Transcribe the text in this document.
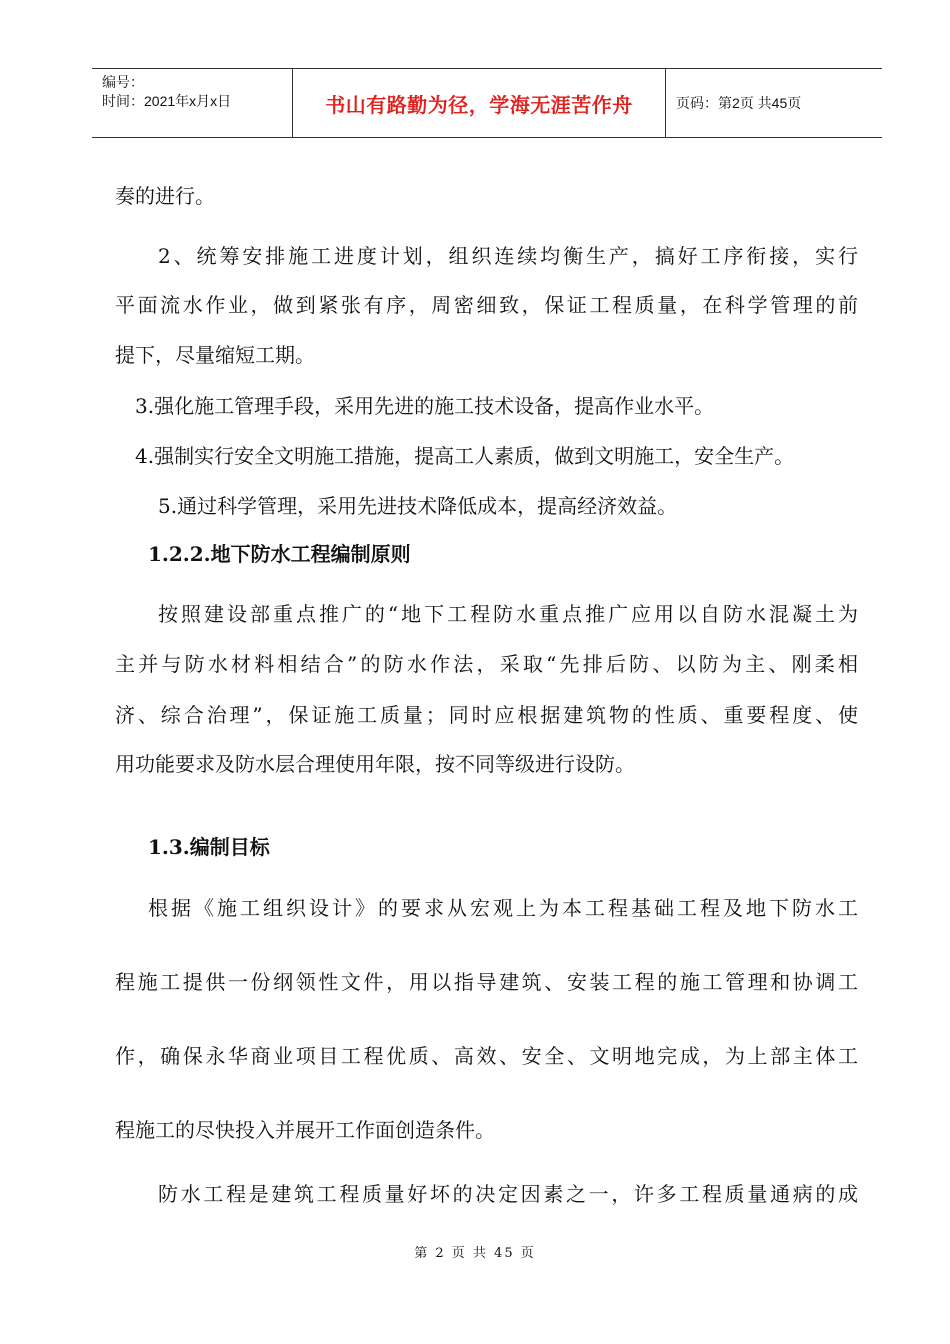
编号：
时间：2021年x月x日	书山有路勤为径，学海无涯苦作舟	页码：第2页 共45页
奏的进行。
2、统筹安排施工进度计划，组织连续均衡生产，搞好工序衔接，实行
平面流水作业，做到紧张有序，周密细致，保证工程质量，在科学管理的前
提下，尽量缩短工期。
3.强化施工管理手段，采用先进的施工技术设备，提高作业水平。
4.强制实行安全文明施工措施，提高工人素质，做到文明施工，安全生产。
5.通过科学管理，采用先进技术降低成本，提高经济效益。
1.2.2.地下防水工程编制原则
按照建设部重点推广的“地下工程防水重点推广应用以自防水混凝土为
主并与防水材料相结合”的防水作法，采取“先排后防、以防为主、刚柔相
济、综合治理”，保证施工质量；同时应根据建筑物的性质、重要程度、使
用功能要求及防水层合理使用年限，按不同等级进行设防。
1.3.编制目标
根据《施工组织设计》的要求从宏观上为本工程基础工程及地下防水工
程施工提供一份纲领性文件，用以指导建筑、安装工程的施工管理和协调工
作，确保永华商业项目工程优质、高效、安全、文明地完成，为上部主体工
程施工的尽快投入并展开工作面创造条件。
防水工程是建筑工程质量好坏的决定因素之一，许多工程质量通病的成
第 2 页 共 45 页
